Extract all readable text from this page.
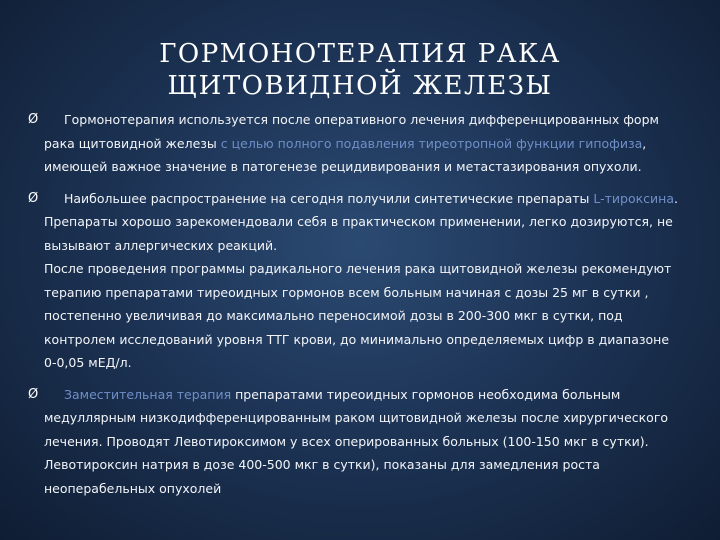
ГОРМОНОТЕРАПИЯ РАКА
ЩИТОВИДНОЙ ЖЕЛЕЗЫ
Ø Гормонотерапия используется после оперативного лечения дифференцированных форм рака щитовидной железы с целью полного подавления тиреотропной функции гипофиза, имеющей важное значение в патогенезе рецидивирования и метастазирования опухоли.
Ø Наибольшее распространение на сегодня получили синтетические препараты L-тироксина.
Препараты хорошо зарекомендовали себя в практическом применении, легко дозируются, не вызывают аллергических реакций.
После проведения программы радикального лечения рака щитовидной железы рекомендуют терапию препаратами тиреоидных гормонов всем больным начиная с дозы 25 мг в сутки , постепенно увеличивая до максимально переносимой дозы в 200-300 мкг в сутки, под контролем исследований уровня ТТГ крови, до минимально определяемых цифр в диапазоне 0-0,05 мЕД/л.
Ø Заместительная терапия препаратами тиреоидных гормонов необходима больным медуллярным низкодифференцированным раком щитовидной железы после хирургического лечения. Проводят Левотироксимом у всех оперированных больных (100-150 мкг в сутки). Левотироксин натрия в дозе 400-500 мкг в сутки), показаны для замедления роста неоперабельных опухолей
